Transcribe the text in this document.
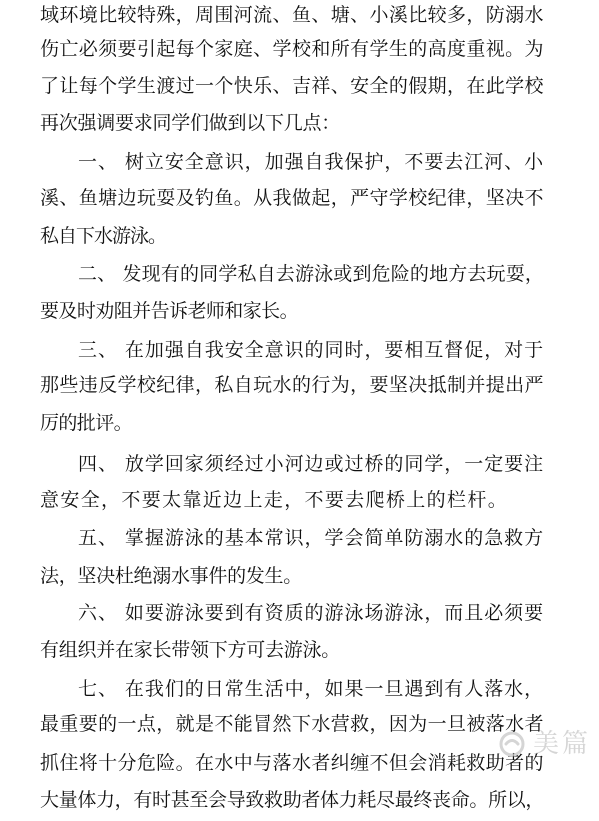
域环境比较特殊，周围河流、鱼、塘、小溪比较多，防溺水
伤亡必须要引起每个家庭、学校和所有学生的高度重视。为
了让每个学生渡过一个快乐、吉祥、安全的假期，在此学校
再次强调要求同学们做到以下几点：
一、 树立安全意识，加强自我保护，不要去江河、小
溪、鱼塘边玩耍及钓鱼。从我做起，严守学校纪律，坚决不
私自下水游泳。
二、 发现有的同学私自去游泳或到危险的地方去玩耍，
要及时劝阻并告诉老师和家长。
三、 在加强自我安全意识的同时，要相互督促，对于
那些违反学校纪律，私自玩水的行为，要坚决抵制并提出严
厉的批评。
四、 放学回家须经过小河边或过桥的同学，一定要注
意安全，不要太靠近边上走，不要去爬桥上的栏杆。
五、 掌握游泳的基本常识，学会简单防溺水的急救方
法，坚决杜绝溺水事件的发生。
六、 如要游泳要到有资质的游泳场游泳，而且必须要
有组织并在家长带领下方可去游泳。
七、 在我们的日常生活中，如果一旦遇到有人落水，
最重要的一点，就是不能冒然下水营救，因为一旦被落水者
抓住将十分危险。在水中与落水者纠缠不但会消耗救助者的
大量体力，有时甚至会导致救助者体力耗尽最终丧命。所以，
美篇
